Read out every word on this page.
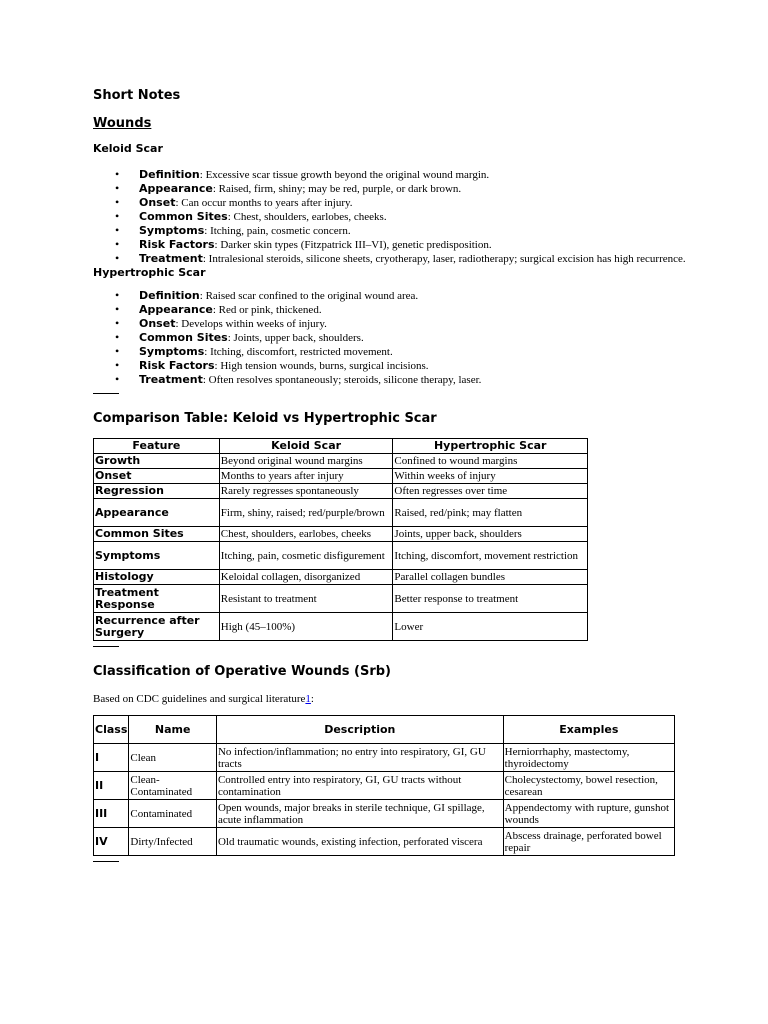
Short Notes
Wounds
Keloid Scar
• Definition: Excessive scar tissue growth beyond the original wound margin.
• Appearance: Raised, firm, shiny; may be red, purple, or dark brown.
• Onset: Can occur months to years after injury.
• Common Sites: Chest, shoulders, earlobes, cheeks.
• Symptoms: Itching, pain, cosmetic concern.
• Risk Factors: Darker skin types (Fitzpatrick III–VI), genetic predisposition.
• Treatment: Intralesional steroids, silicone sheets, cryotherapy, laser, radiotherapy; surgical excision has high recurrence.
Hypertrophic Scar
• Definition: Raised scar confined to the original wound area.
• Appearance: Red or pink, thickened.
• Onset: Develops within weeks of injury.
• Common Sites: Joints, upper back, shoulders.
• Symptoms: Itching, discomfort, restricted movement.
• Risk Factors: High tension wounds, burns, surgical incisions.
• Treatment: Often resolves spontaneously; steroids, silicone therapy, laser.
Comparison Table: Keloid vs Hypertrophic Scar
Feature	Keloid Scar	Hypertrophic Scar
Growth	Beyond original wound margins	Confined to wound margins
Onset	Months to years after injury	Within weeks of injury
Regression	Rarely regresses spontaneously	Often regresses over time
Appearance	Firm, shiny, raised; red/purple/brown	Raised, red/pink; may flatten
Common Sites	Chest, shoulders, earlobes, cheeks	Joints, upper back, shoulders
Symptoms	Itching, pain, cosmetic disfigurement	Itching, discomfort, movement restriction
Histology	Keloidal collagen, disorganized	Parallel collagen bundles
Treatment Response	Resistant to treatment	Better response to treatment
Recurrence after Surgery	High (45–100%)	Lower
Classification of Operative Wounds (Srb)
Based on CDC guidelines and surgical literature1:
Class	Name	Description	Examples
I	Clean	No infection/inflammation; no entry into respiratory, GI, GU tracts	Herniorrhaphy, mastectomy, thyroidectomy
II	Clean-Contaminated	Controlled entry into respiratory, GI, GU tracts without contamination	Cholecystectomy, bowel resection, cesarean
III	Contaminated	Open wounds, major breaks in sterile technique, GI spillage, acute inflammation	Appendectomy with rupture, gunshot wounds
IV	Dirty/Infected	Old traumatic wounds, existing infection, perforated viscera	Abscess drainage, perforated bowel repair
